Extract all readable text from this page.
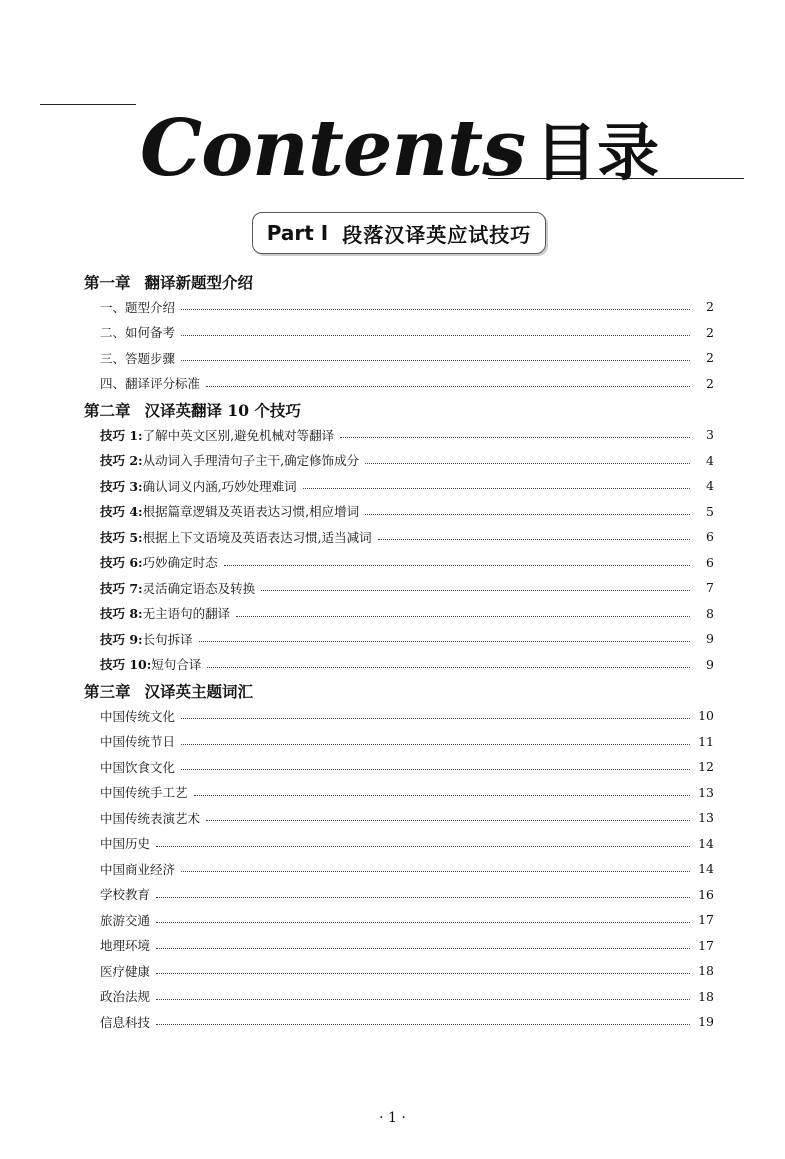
Contents 目录
Part I 段落汉译英应试技巧
第一章 翻译新题型介绍
一、题型介绍	2
二、如何备考	2
三、答题步骤	2
四、翻译评分标准	2
第二章 汉译英翻译 10 个技巧
技巧 1:了解中英文区别,避免机械对等翻译	3
技巧 2:从动词入手理清句子主干,确定修饰成分	4
技巧 3:确认词义内涵,巧妙处理难词	4
技巧 4:根据篇章逻辑及英语表达习惯,相应增词	5
技巧 5:根据上下文语境及英语表达习惯,适当减词	6
技巧 6:巧妙确定时态	6
技巧 7:灵活确定语态及转换	7
技巧 8:无主语句的翻译	8
技巧 9:长句拆译	9
技巧 10:短句合译	9
第三章 汉译英主题词汇
中国传统文化	10
中国传统节日	11
中国饮食文化	12
中国传统手工艺	13
中国传统表演艺术	13
中国历史	14
中国商业经济	14
学校教育	16
旅游交通	17
地理环境	17
医疗健康	18
政治法规	18
信息科技	19
· 1 ·
